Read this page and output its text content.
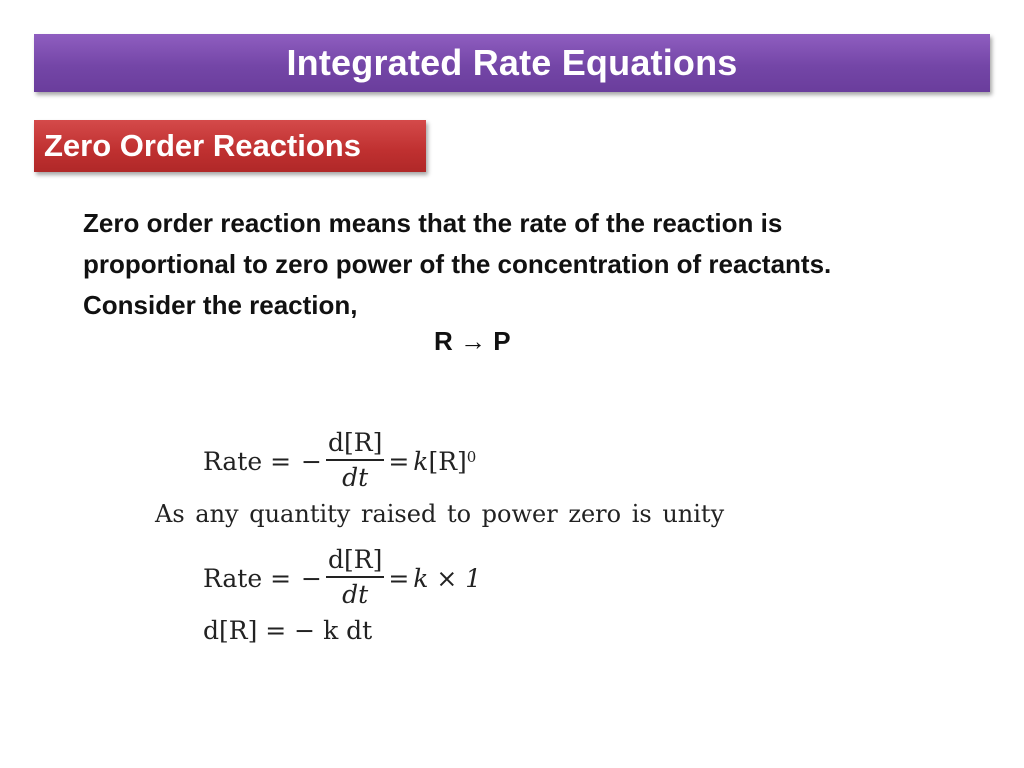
Integrated Rate Equations
Zero Order Reactions

Zero order reaction means that the rate of the reaction is

proportional to zero power of the concentration of reactants.

Consider the reaction,

R → P
Rate = − $\frac{d[R]}{dt} = k$ $[R]^0$
As any quantity raised to power zero is unity
Rate = − $\frac{d[R]}{dt} = k \times 1$
d[R] = − k dt
